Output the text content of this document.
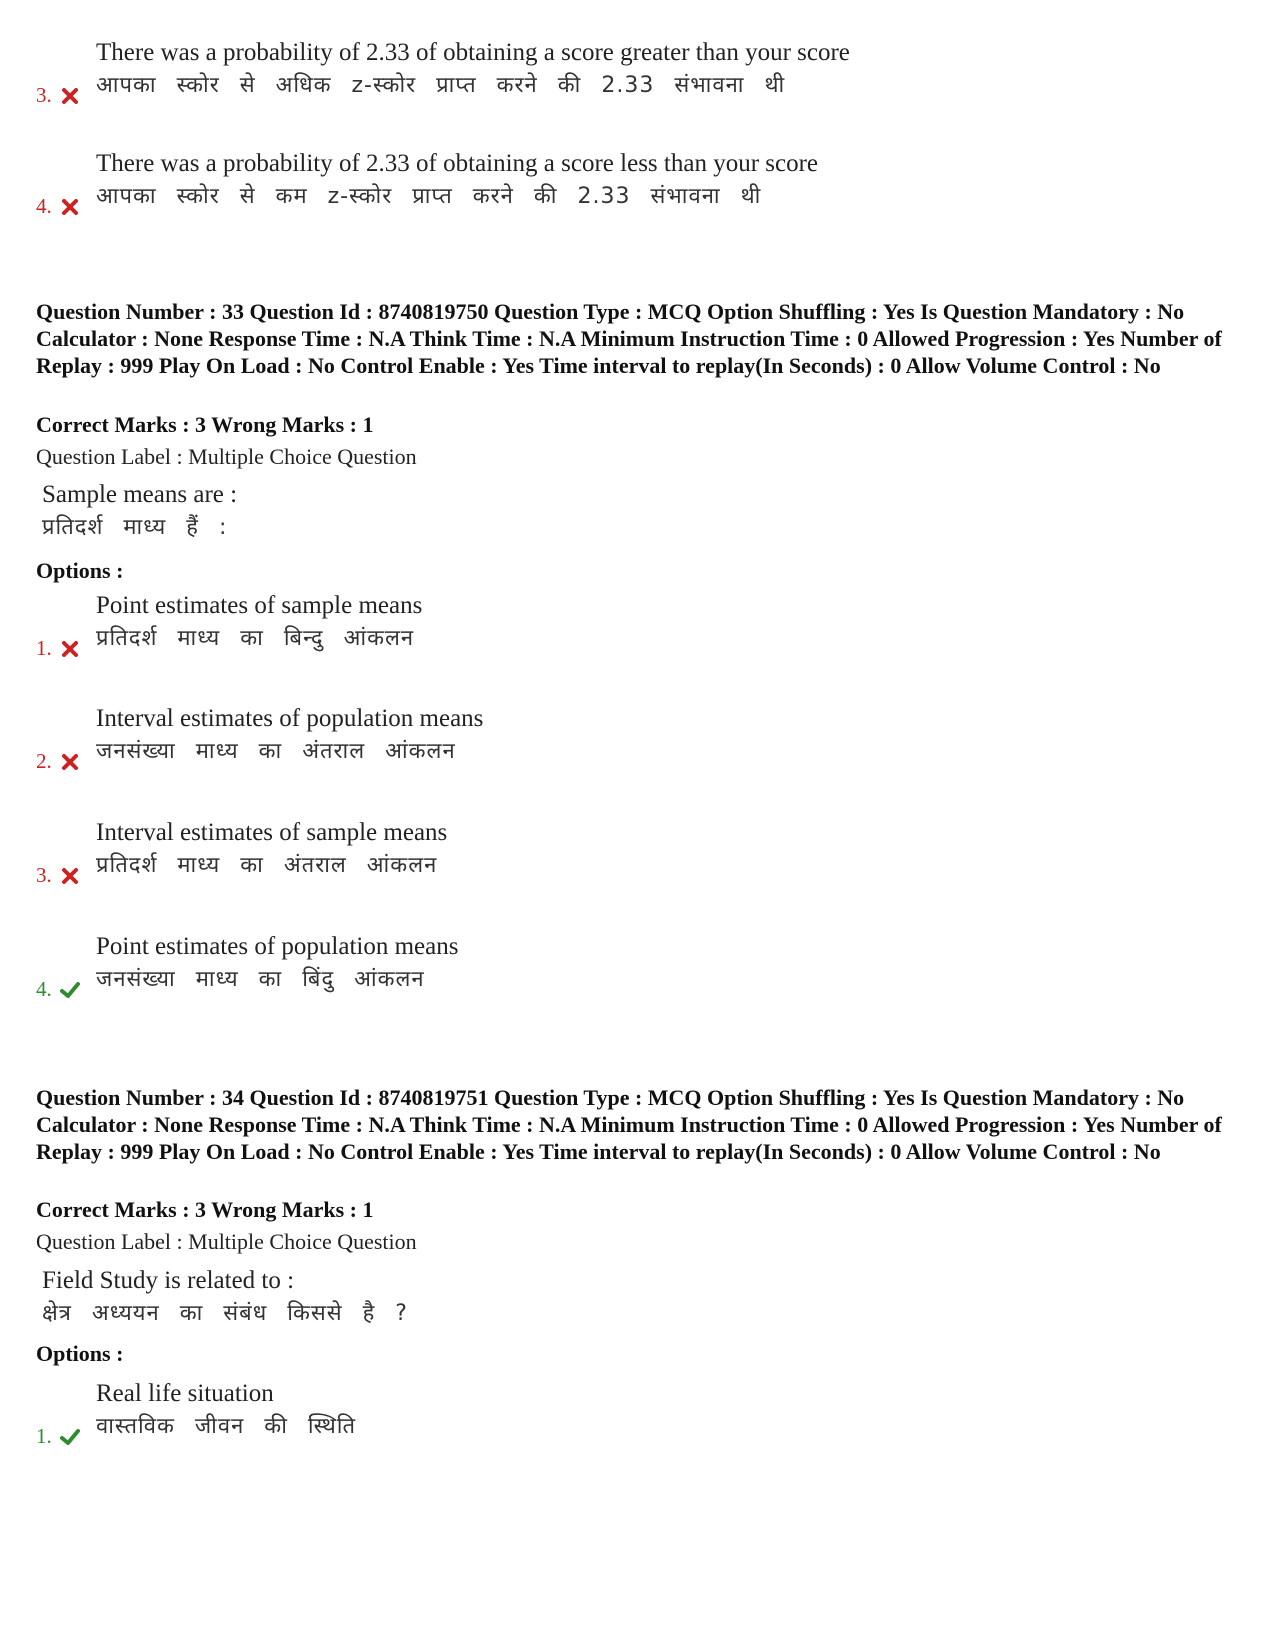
3.
There was a probability of 2.33 of obtaining a score greater than your score
आपका स्कोर से अधिक z-स्कोर प्राप्त करने की 2.33 संभावना थी
4.
There was a probability of 2.33 of obtaining a score less than your score
आपका स्कोर से कम z-स्कोर प्राप्त करने की 2.33 संभावना थी
Question Number : 33 Question Id : 8740819750 Question Type : MCQ Option Shuffling : Yes Is Question Mandatory : No Calculator : None Response Time : N.A Think Time : N.A Minimum Instruction Time : 0 Allowed Progression : Yes Number of Replay : 999 Play On Load : No Control Enable : Yes Time interval to replay(In Seconds) : 0 Allow Volume Control : No
Correct Marks : 3 Wrong Marks : 1
Question Label : Multiple Choice Question
Sample means are :
प्रतिदर्श माध्य हैं :
Options :
1.
Point estimates of sample means
प्रतिदर्श माध्य का बिन्दु आंकलन
2.
Interval estimates of population means
जनसंख्या माध्य का अंतराल आंकलन
3.
Interval estimates of sample means
प्रतिदर्श माध्य का अंतराल आंकलन
4.
Point estimates of population means
जनसंख्या माध्य का बिंदु आंकलन
Question Number : 34 Question Id : 8740819751 Question Type : MCQ Option Shuffling : Yes Is Question Mandatory : No Calculator : None Response Time : N.A Think Time : N.A Minimum Instruction Time : 0 Allowed Progression : Yes Number of Replay : 999 Play On Load : No Control Enable : Yes Time interval to replay(In Seconds) : 0 Allow Volume Control : No
Correct Marks : 3 Wrong Marks : 1
Question Label : Multiple Choice Question
Field Study is related to :
क्षेत्र अध्ययन का संबंध किससे है ?
Options :
1.
Real life situation
वास्तविक जीवन की स्थिति
